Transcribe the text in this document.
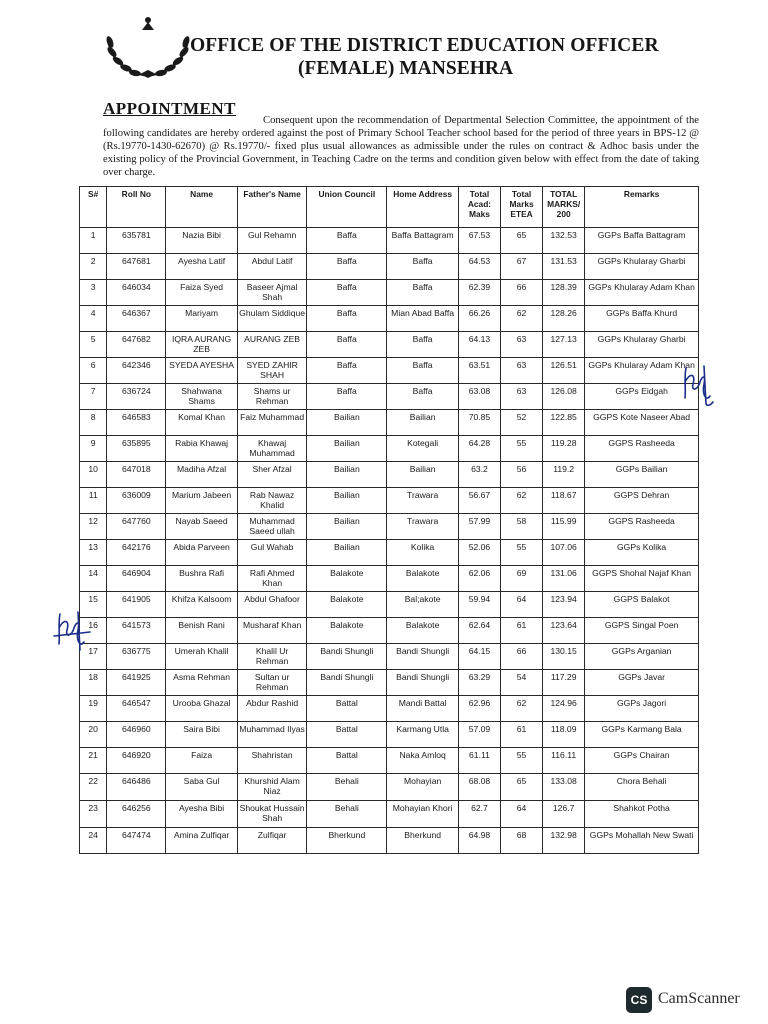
OFFICE OF THE DISTRICT EDUCATION OFFICER
(FEMALE) MANSEHRA
APPOINTMENT
Consequent upon the recommendation of Departmental Selection Committee, the appointment of the following candidates are hereby ordered against the post of Primary School Teacher school based for the period of three years in BPS-12 @ (Rs.19770-1430-62670) @ Rs.19770/- fixed plus usual allowances as admissible under the rules on contract & Adhoc basis under the existing policy of the Provincial Government, in Teaching Cadre on the terms and condition given below with effect from the date of taking over charge.
S#	Roll No	Name	Father's Name	Union Council	Home Address	Total Acad: Maks	Total Marks ETEA	TOTAL MARKS/ 200	Remarks
1	635781	Nazia Bibi	Gul Rehamn	Baffa	Baffa Battagram	67.53	65	132.53	GGPs Baffa Battagram
2	647681	Ayesha Latif	Abdul Latif	Baffa	Baffa	64.53	67	131.53	GGPs Khularay Gharbi
3	646034	Faiza Syed	Baseer Ajmal Shah	Baffa	Baffa	62.39	66	128.39	GGPs Khularay Adam Khan
4	646367	Mariyam	Ghulam Siddique	Baffa	Mian Abad Baffa	66.26	62	128.26	GGPs Baffa Khurd
5	647682	IQRA AURANG ZEB	AURANG ZEB	Baffa	Baffa	64.13	63	127.13	GGPs Khularay Gharbi
6	642346	SYEDA AYESHA	SYED ZAHIR SHAH	Baffa	Baffa	63.51	63	126.51	GGPs Khularay Adam Khan
7	636724	Shahwana Shams	Shams ur Rehman	Baffa	Baffa	63.08	63	126.08	GGPs Eidgah
8	646583	Komal Khan	Faiz Muhammad	Bailian	Bailian	70.85	52	122.85	GGPS Kote Naseer Abad
9	635895	Rabia Khawaj	Khawaj Muhammad	Bailian	Kotegali	64.28	55	119.28	GGPS Rasheeda
10	647018	Madiha Afzal	Sher Afzal	Bailian	Bailian	63.2	56	119.2	GGPs Bailian
11	636009	Marium Jabeen	Rab Nawaz Khalid	Bailian	Trawara	56.67	62	118.67	GGPS Dehran
12	647760	Nayab Saeed	Muhammad Saeed ullah	Bailian	Trawara	57.99	58	115.99	GGPS Rasheeda
13	642176	Abida Parveen	Gul Wahab	Bailian	Kolika	52.06	55	107.06	GGPs Kolika
14	646904	Bushra Rafi	Rafi Ahmed Khan	Balakote	Balakote	62.06	69	131.06	GGPS Shohal Najaf Khan
15	641905	Khifza Kalsoom	Abdul Ghafoor	Balakote	Bal;akote	59.94	64	123.94	GGPS Balakot
16	641573	Benish Rani	Musharaf Khan	Balakote	Balakote	62.64	61	123.64	GGPS Singal Poen
17	636775	Umerah Khalil	Khalil Ur Rehman	Bandi Shungli	Bandi Shungli	64.15	66	130.15	GGPs Arganian
18	641925	Asma Rehman	Sultan ur Rehman	Bandi Shungli	Bandi Shungli	63.29	54	117.29	GGPs Javar
19	646547	Urooba Ghazal	Abdur Rashid	Battal	Mandi Battal	62.96	62	124.96	GGPs Jagori
20	646960	Saira Bibi	Muhammad Ilyas	Battal	Karmang Utla	57.09	61	118.09	GGPs Karmang Bala
21	646920	Faiza	Shahristan	Battal	Naka Amloq	61.11	55	116.11	GGPs Chairan
22	646486	Saba Gul	Khurshid Alam Niaz	Behali	Mohayian	68.08	65	133.08	Chora Behali
23	646256	Ayesha Bibi	Shoukat Hussain Shah	Behali	Mohayian Khori	62.7	64	126.7	Shahkot Potha
24	647474	Amina Zulfiqar	Zulfiqar	Bherkund	Bherkund	64.98	68	132.98	GGPs Mohallah New Swati
CS CamScanner
